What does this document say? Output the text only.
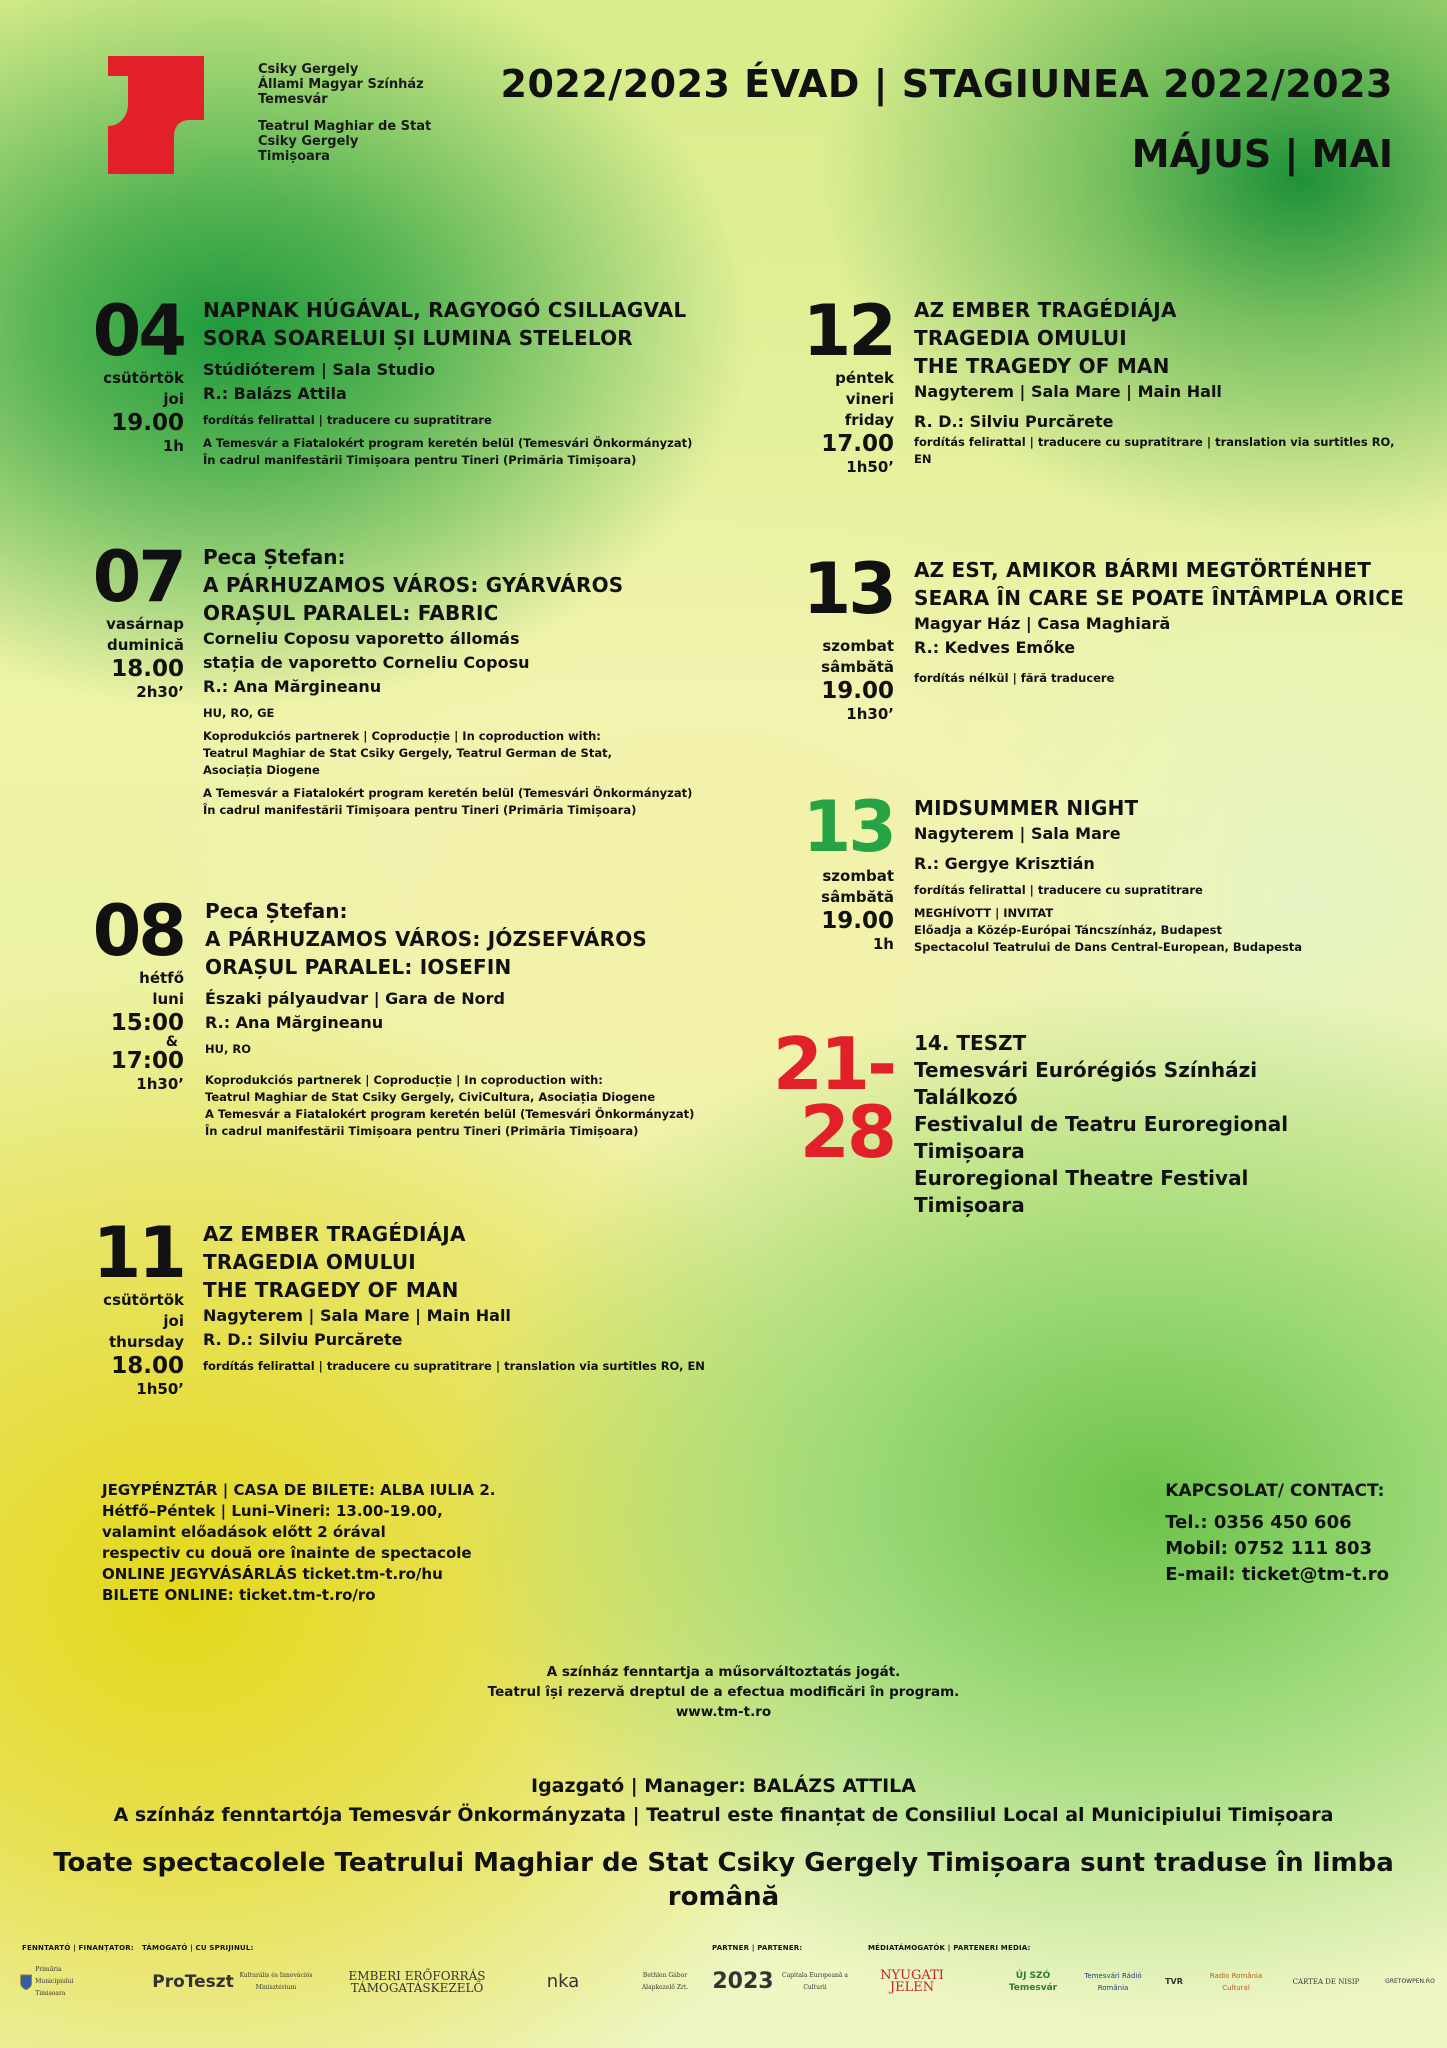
Csiky Gergely
Állami Magyar Színház
Temesvár
Teatrul Maghiar de Stat
Csiky Gergely
Timișoara
2022/2023 ÉVAD | STAGIUNEA 2022/2023
MÁJUS | MAI
04
csütörtök
joi
19.00
1h
NAPNAK HÚGÁVAL, RAGYOGÓ CSILLAGVAL
SORA SOARELUI ȘI LUMINA STELELOR
Stúdióterem | Sala Studio
R.: Balázs Attila
fordítás felirattal | traducere cu supratitrare
A Temesvár a Fiatalokért program keretén belül (Temesvári Önkormányzat)
În cadrul manifestării Timișoara pentru Tineri (Primăria Timișoara)
07
vasárnap
duminică
18.00
2h30’
Peca Ștefan:
A PÁRHUZAMOS VÁROS: GYÁRVÁROS
ORAȘUL PARALEL: FABRIC
Corneliu Coposu vaporetto állomás
stația de vaporetto Corneliu Coposu
R.: Ana Mărgineanu
HU, RO, GE
Koprodukciós partnerek | Coproducție | In coproduction with:
Teatrul Maghiar de Stat Csiky Gergely, Teatrul German de Stat,
Asociația Diogene
A Temesvár a Fiatalokért program keretén belül (Temesvári Önkormányzat)
În cadrul manifestării Timișoara pentru Tineri (Primăria Timișoara)
08
hétfő
luni
15:00
&
17:00
1h30’
Peca Ștefan:
A PÁRHUZAMOS VÁROS: JÓZSEFVÁROS
ORAȘUL PARALEL: IOSEFIN
Északi pályaudvar | Gara de Nord
R.: Ana Mărgineanu
HU, RO
Koprodukciós partnerek | Coproducție | In coproduction with:
Teatrul Maghiar de Stat Csiky Gergely, CiviCultura, Asociația Diogene
A Temesvár a Fiatalokért program keretén belül (Temesvári Önkormányzat)
În cadrul manifestării Timișoara pentru Tineri (Primăria Timișoara)
11
csütörtök
joi
thursday
18.00
1h50’
AZ EMBER TRAGÉDIÁJA
TRAGEDIA OMULUI
THE TRAGEDY OF MAN
Nagyterem | Sala Mare | Main Hall
R. D.: Silviu Purcărete
fordítás felirattal | traducere cu supratitrare | translation via surtitles RO, EN
12
péntek
vineri
friday
17.00
1h50’
AZ EMBER TRAGÉDIÁJA
TRAGEDIA OMULUI
THE TRAGEDY OF MAN
Nagyterem | Sala Mare | Main Hall
R. D.: Silviu Purcărete
fordítás felirattal | traducere cu supratitrare | translation via surtitles RO, EN
13
szombat
sâmbătă
19.00
1h30’
AZ EST, AMIKOR BÁRMI MEGTÖRTÉNHET
SEARA ÎN CARE SE POATE ÎNTÂMPLA ORICE
Magyar Ház | Casa Maghiară
R.: Kedves Emőke
fordítás nélkül | fără traducere
13
szombat
sâmbătă
19.00
1h
MIDSUMMER NIGHT
Nagyterem | Sala Mare
R.: Gergye Krisztián
fordítás felirattal | traducere cu supratitrare
MEGHÍVOTT | INVITAT
Előadja a Közép-Európai Táncszínház, Budapest
Spectacolul Teatrului de Dans Central-European, Budapesta
21-
28
14. TESZT
Temesvári Eurórégiós Színházi
Találkozó
Festivalul de Teatru Euroregional
Timișoara
Euroregional Theatre Festival
Timișoara
JEGYPÉNZTÁR | CASA DE BILETE: ALBA IULIA 2.
Hétfő–Péntek | Luni–Vineri: 13.00-19.00,
valamint előadások előtt 2 órával
respectiv cu două ore înainte de spectacole
ONLINE JEGYVÁSÁRLÁS ticket.tm-t.ro/hu
BILETE ONLINE: ticket.tm-t.ro/ro
KAPCSOLAT/ CONTACT:
Tel.: 0356 450 606
Mobil: 0752 111 803
E-mail: ticket@tm-t.ro
A színház fenntartja a műsorváltoztatás jogát.
Teatrul își rezervă dreptul de a efectua modificări în program.
www.tm-t.ro
Igazgató | Manager: BALÁZS ATTILA
A színház fenntartója Temesvár Önkormányzata | Teatrul este finanțat de Consiliul Local al Municipiului Timișoara
Toate spectacolele Teatrului Maghiar de Stat Csiky Gergely Timișoara sunt traduse în limba română
FENNTARTÓ | FINANȚATOR: TÁMOGATÓ | CU SPRIJINUL:	PARTNER | PARTENER:	MÉDIATÁMOGATÓK | PARTENERI MEDIA:
Primăria Municipiului Timișoara
ProTeszt Kulturális és Innovációs Minisztérium
EMBERI ERŐFORRÁS TÁMOGATÁSKEZELŐ	nka	Bethlen Gábor Alapkezelő Zrt.	2023	Capitala Europeană a Culturii
NYUGATI JELEN
ÚJ SZÓ Temesvár
Temesvári Rádió România
TVR
Radio România Cultural
CARTEA DE NISIP	GRETOWPEN.RO
